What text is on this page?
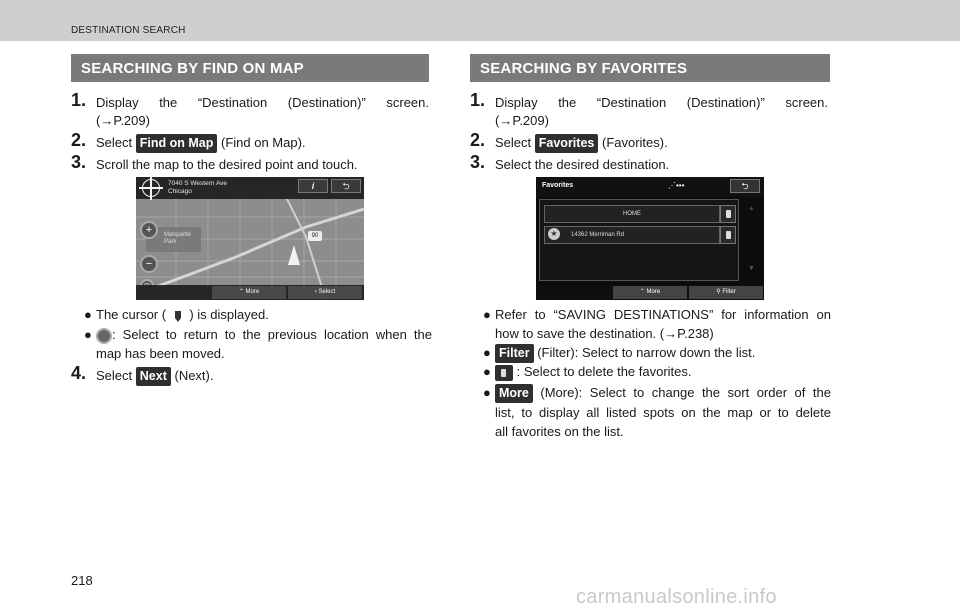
DESTINATION SEARCH
SEARCHING BY FIND ON MAP
1. Display the “Destination (Destination)” screen.
(→P.209)
2. Select Find on Map (Find on Map).
3. Scroll the map to the desired point and touch.
7040 S Western Ave
Chicago
i	⮌
+
−
Marquette
Park
90
⌃ More	› Select
● The cursor ( ) is displayed.
●	: Select to return to the previous location when the
map has been moved.
4. Select Next (Next).
SEARCHING BY FAVORITES
1. Display the “Destination (Destination)” screen.
(→P.209)
2. Select Favorites (Favorites).
3. Select the desired destination.
Favorites	⋰•••	⮌
HOME
14362 Merriman Rd
★
▲
▼
⌃ More	⚲ Filter
● Refer to “SAVING DESTINATIONS” for information on
how to save the destination. (→P.238)
● Filter (Filter): Select to narrow down the list.
●	: Select to delete the favorites.
● More (More): Select to change the sort order of the
list, to display all listed spots on the map or to delete
all favorites on the list.
218
carmanualsonline.info
